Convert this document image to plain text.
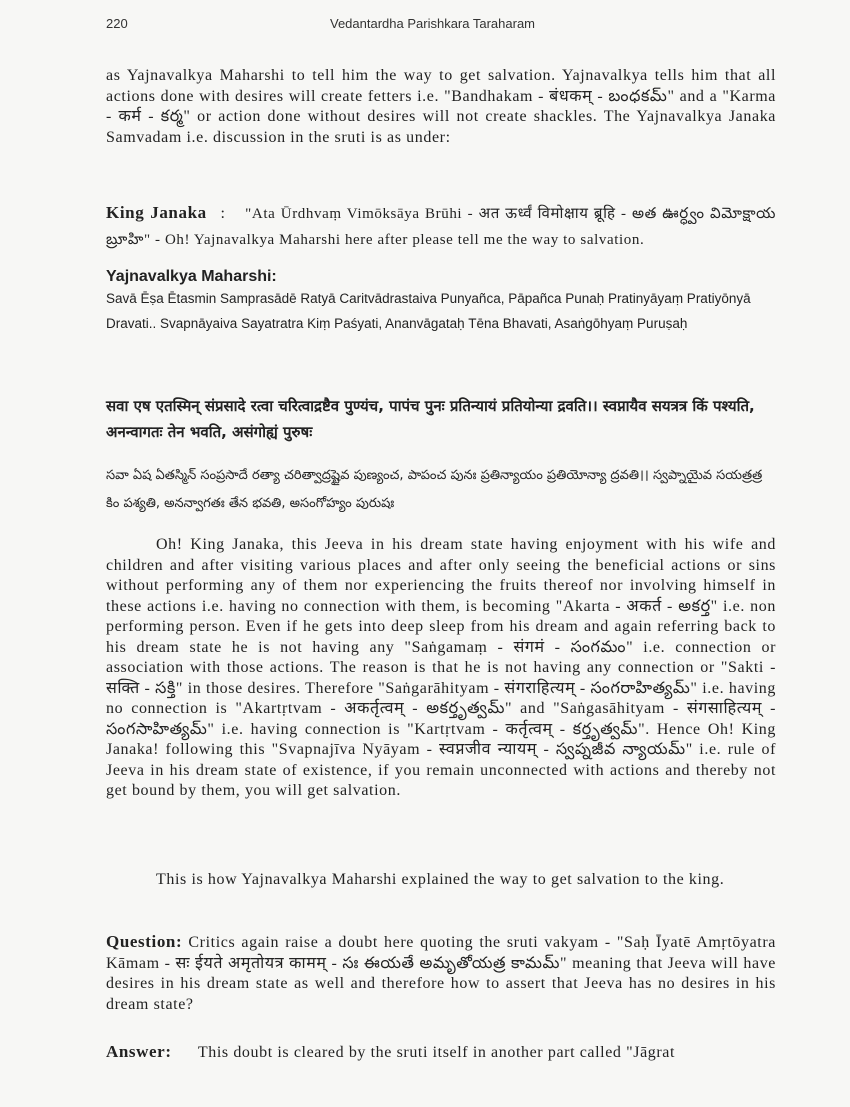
220	Vedantardha Parishkara Taraharam

as Yajnavalkya Maharshi to tell him the way to get salvation. Yajnavalkya tells him that all actions done with desires will create fetters i.e. "Bandhakam - बंधकम् - బంధకమ్" and a "Karma - कर्म - కర్మ" or action done without desires will not create shackles. The Yajnavalkya Janaka Samvadam i.e. discussion in the sruti is as under:

King Janaka : "Ata Ūrdhvaṃ Vimōksāya Brūhi - अत ऊर्ध्वं विमोक्षाय ब्रूहि - అత ఊర్ధ్వం విమోక్షాయ బ్రూహి" - Oh! Yajnavalkya Maharshi here after please tell me the way to salvation.

Yajnavalkya Maharshi:

Savā Ēṣa Ētasmin Samprasādē Ratyā Caritvādrastaiva Punyañca, Pāpañca Punaḥ Pratinyāyaṃ Pratiyōnyā Dravati.. Svapnāyaiva Sayatratra Kiṃ Paśyati, Ananvāgataḥ Tēna Bhavati, Asaṅgōhyaṃ Puruṣaḥ

सवा एष एतस्मिन् संप्रसादे रत्वा चरित्वाद्रष्टैव पुण्यंच, पापंच पुनः प्रतिन्यायं प्रतियोन्या द्रवति।। स्वप्नायैव सयत्रत्र किं पश्यति, अनन्वागतः तेन भवति, असंगोह्यं पुरुषः

సవా ఏష ఏతస్మిన్ సంప్రసాదే రత్యా చరిత్వాద్రష్టైవ పుణ్యంచ, పాపంచ పునః ప్రతిన్యాయం ప్రతియోన్యా ద్రవతి।। స్వప్నాయైవ సయత్రత్ర కిం పశ్యతి, అనన్వాగతః తేన భవతి, అసంగోహ్యం పురుషః

Oh! King Janaka, this Jeeva in his dream state having enjoyment with his wife and children and after visiting various places and after only seeing the beneficial actions or sins without performing any of them nor experiencing the fruits thereof nor involving himself in these actions i.e. having no connection with them, is becoming "Akarta - अकर्त - అకర్త" i.e. non performing person. Even if he gets into deep sleep from his dream and again referring back to his dream state he is not having any "Saṅgamaṃ - संगमं - సంగమం" i.e. connection or association with those actions. The reason is that he is not having any connection or "Sakti - सक्ति - సక్తి" in those desires. Therefore "Saṅgarāhityam - संगराहित्यम् - సంగరాహిత్యమ్" i.e. having no connection is "Akartṛtvam - अकर्तृत्वम् - అకర్తృత్వమ్" and "Saṅgasāhityam - संगसाहित्यम् - సంగసాహిత్యమ్" i.e. having connection is "Kartṛtvam - कर्तृत्वम् - కర్తృత్వమ్". Hence Oh! King Janaka! following this "Svapnajīva Nyāyam - स्वप्नजीव न्यायम् - స్వప్నజీవ న్యాయమ్" i.e. rule of Jeeva in his dream state of existence, if you remain unconnected with actions and thereby not get bound by them, you will get salvation.

This is how Yajnavalkya Maharshi explained the way to get salvation to the king.

Question: Critics again raise a doubt here quoting the sruti vakyam - "Saḥ Īyatē Amṛtōyatra Kāmam - सः ईयते अमृतोयत्र कामम् - సః ఈయతే అమృతోయత్ర కామమ్" meaning that Jeeva will have desires in his dream state as well and therefore how to assert that Jeeva has no desires in his dream state?

Answer: This doubt is cleared by the sruti itself in another part called "Jāgrat
